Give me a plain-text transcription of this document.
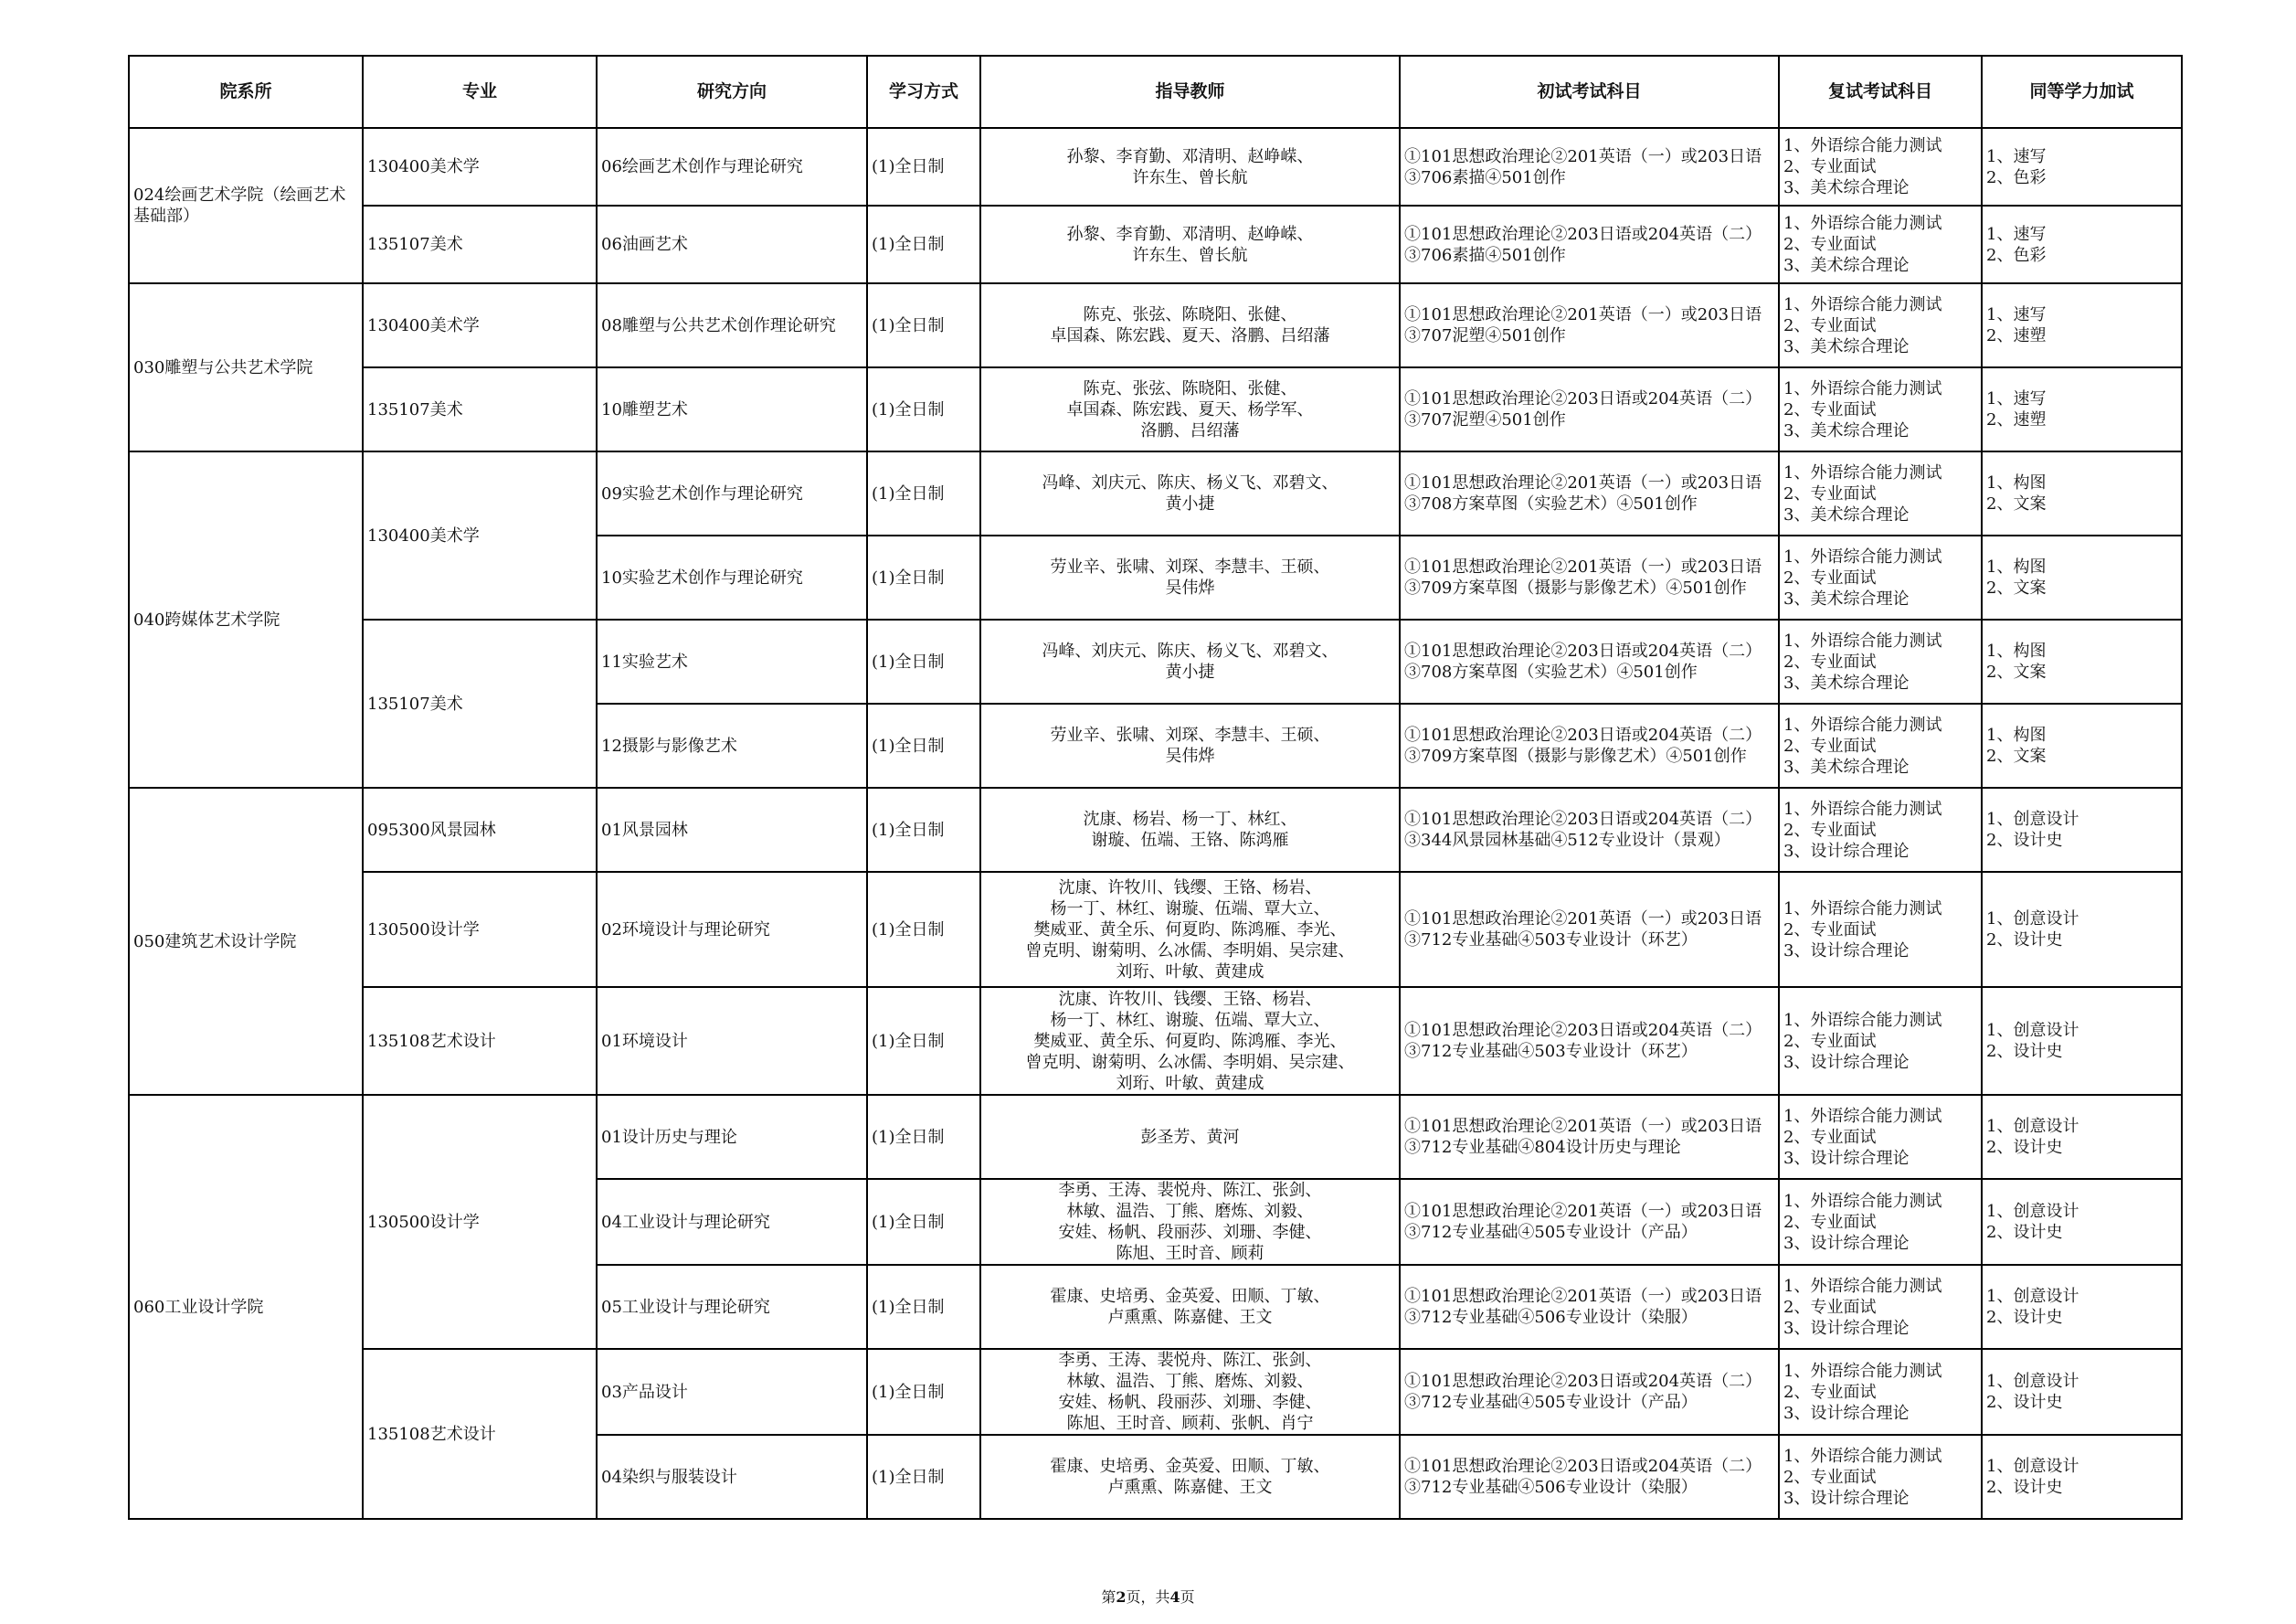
院系所	专业	研究方向	学习方式	指导教师	初试考试科目	复试考试科目	同等学力加试
024绘画艺术学院（绘画艺术基础部）	130400美术学	06绘画艺术创作与理论研究	(1)全日制	孙黎、李育勤、邓清明、赵峥嵘、
许东生、曾长航	①101思想政治理论②201英语（一）或203日语
③706素描④501创作	1、外语综合能力测试
2、专业面试
3、美术综合理论	1、速写
2、色彩
	135107美术	06油画艺术	(1)全日制	孙黎、李育勤、邓清明、赵峥嵘、
许东生、曾长航	①101思想政治理论②203日语或204英语（二）
③706素描④501创作	1、外语综合能力测试
2、专业面试
3、美术综合理论	1、速写
2、色彩
030雕塑与公共艺术学院	130400美术学	08雕塑与公共艺术创作理论研究	(1)全日制	陈克、张弦、陈晓阳、张健、
卓国森、陈宏践、夏天、洛鹏、吕绍藩	①101思想政治理论②201英语（一）或203日语
③707泥塑④501创作	1、外语综合能力测试
2、专业面试
3、美术综合理论	1、速写
2、速塑
	135107美术	10雕塑艺术	(1)全日制	陈克、张弦、陈晓阳、张健、
卓国森、陈宏践、夏天、杨学军、
洛鹏、吕绍藩	①101思想政治理论②203日语或204英语（二）
③707泥塑④501创作	1、外语综合能力测试
2、专业面试
3、美术综合理论	1、速写
2、速塑
040跨媒体艺术学院	130400美术学	09实验艺术创作与理论研究	(1)全日制	冯峰、刘庆元、陈庆、杨义飞、邓碧文、
黄小捷	①101思想政治理论②201英语（一）或203日语
③708方案草图（实验艺术）④501创作	1、外语综合能力测试
2、专业面试
3、美术综合理论	1、构图
2、文案
		10实验艺术创作与理论研究	(1)全日制	劳业辛、张啸、刘琛、李慧丰、王硕、
吴伟烨	①101思想政治理论②201英语（一）或203日语
③709方案草图（摄影与影像艺术）④501创作	1、外语综合能力测试
2、专业面试
3、美术综合理论	1、构图
2、文案
	135107美术	11实验艺术	(1)全日制	冯峰、刘庆元、陈庆、杨义飞、邓碧文、
黄小捷	①101思想政治理论②203日语或204英语（二）
③708方案草图（实验艺术）④501创作	1、外语综合能力测试
2、专业面试
3、美术综合理论	1、构图
2、文案
		12摄影与影像艺术	(1)全日制	劳业辛、张啸、刘琛、李慧丰、王硕、
吴伟烨	①101思想政治理论②203日语或204英语（二）
③709方案草图（摄影与影像艺术）④501创作	1、外语综合能力测试
2、专业面试
3、美术综合理论	1、构图
2、文案
050建筑艺术设计学院	095300风景园林	01风景园林	(1)全日制	沈康、杨岩、杨一丁、林红、
谢璇、伍端、王铬、陈鸿雁	①101思想政治理论②203日语或204英语（二）
③344风景园林基础④512专业设计（景观）	1、外语综合能力测试
2、专业面试
3、设计综合理论	1、创意设计
2、设计史
	130500设计学	02环境设计与理论研究	(1)全日制	沈康、许牧川、钱缨、王铬、杨岩、
杨一丁、林红、谢璇、伍端、覃大立、
樊威亚、黄全乐、何夏昀、陈鸿雁、李光、
曾克明、谢菊明、么冰儒、李明娟、吴宗建、
刘珩、叶敏、黄建成	①101思想政治理论②201英语（一）或203日语
③712专业基础④503专业设计（环艺）	1、外语综合能力测试
2、专业面试
3、设计综合理论	1、创意设计
2、设计史
	135108艺术设计	01环境设计	(1)全日制	沈康、许牧川、钱缨、王铬、杨岩、
杨一丁、林红、谢璇、伍端、覃大立、
樊威亚、黄全乐、何夏昀、陈鸿雁、李光、
曾克明、谢菊明、么冰儒、李明娟、吴宗建、
刘珩、叶敏、黄建成	①101思想政治理论②203日语或204英语（二）
③712专业基础④503专业设计（环艺）	1、外语综合能力测试
2、专业面试
3、设计综合理论	1、创意设计
2、设计史
060工业设计学院	130500设计学	01设计历史与理论	(1)全日制	彭圣芳、黄河	①101思想政治理论②201英语（一）或203日语
③712专业基础④804设计历史与理论	1、外语综合能力测试
2、专业面试
3、设计综合理论	1、创意设计
2、设计史
		04工业设计与理论研究	(1)全日制	李勇、王涛、裴悦舟、陈江、张剑、
林敏、温浩、丁熊、磨炼、刘毅、
安娃、杨帆、段丽莎、刘珊、李健、
陈旭、王时音、顾莉	①101思想政治理论②201英语（一）或203日语
③712专业基础④505专业设计（产品）	1、外语综合能力测试
2、专业面试
3、设计综合理论	1、创意设计
2、设计史
		05工业设计与理论研究	(1)全日制	霍康、史培勇、金英爱、田顺、丁敏、
卢熏熏、陈嘉健、王文	①101思想政治理论②201英语（一）或203日语
③712专业基础④506专业设计（染服）	1、外语综合能力测试
2、专业面试
3、设计综合理论	1、创意设计
2、设计史
	135108艺术设计	03产品设计	(1)全日制	李勇、王涛、裴悦舟、陈江、张剑、
林敏、温浩、丁熊、磨炼、刘毅、
安娃、杨帆、段丽莎、刘珊、李健、
陈旭、王时音、顾莉、张帆、肖宁	①101思想政治理论②203日语或204英语（二）
③712专业基础④505专业设计（产品）	1、外语综合能力测试
2、专业面试
3、设计综合理论	1、创意设计
2、设计史
		04染织与服装设计	(1)全日制	霍康、史培勇、金英爱、田顺、丁敏、
卢熏熏、陈嘉健、王文	①101思想政治理论②203日语或204英语（二）
③712专业基础④506专业设计（染服）	1、外语综合能力测试
2、专业面试
3、设计综合理论	1、创意设计
2、设计史
第2页，共4页
